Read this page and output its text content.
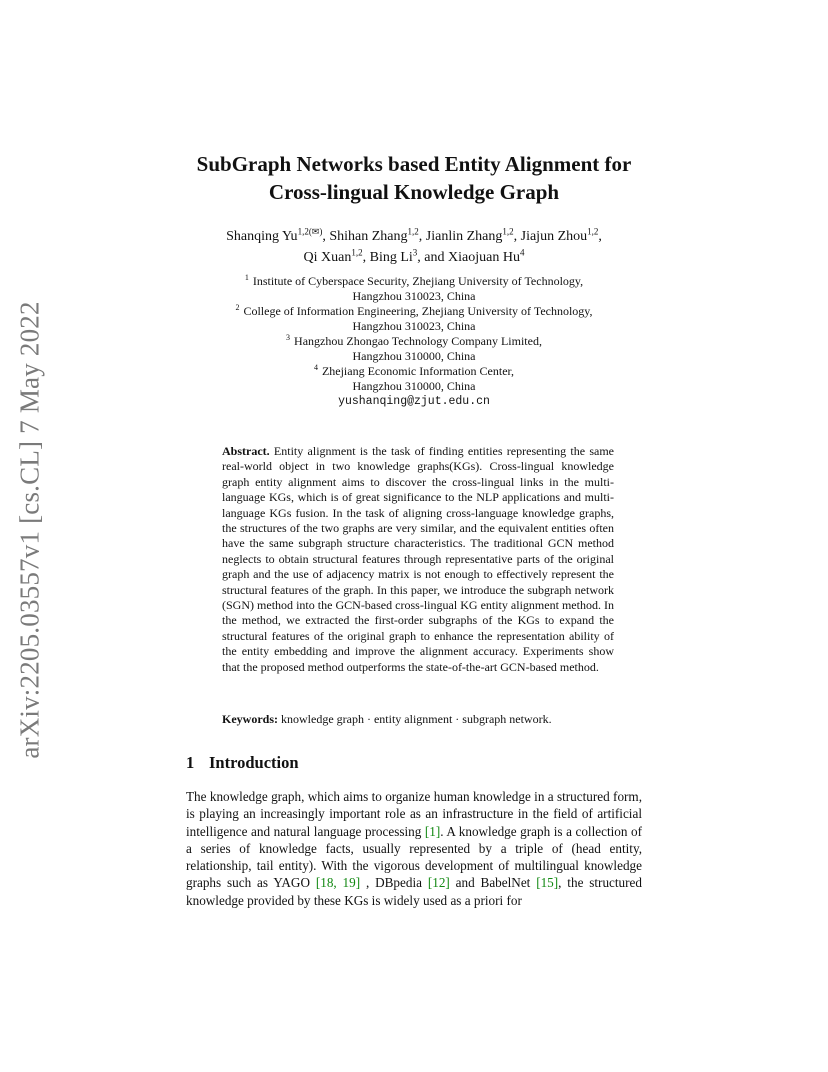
arXiv:2205.03557v1 [cs.CL] 7 May 2022
SubGraph Networks based Entity Alignment for
Cross-lingual Knowledge Graph
Shanqing $Yu^{1,2(✉)}$, Shihan Zhang$^{1,2}$, Jianlin Zhang$^{1,2}$, Jiajun Zhou$^{1,2}$,
Qi Xuan$^{1,2}$, Bing Li$^3$, and Xiaojuan Hu$^4$
$^1$ Institute of Cyberspace Security, Zhejiang University of Technology,
Hangzhou 310023, China
$^2$ College of Information Engineering, Zhejiang University of Technology,
Hangzhou 310023, China
$^3$ Hangzhou Zhongao Technology Company Limited,
Hangzhou 310000, China
$^4$ Zhejiang Economic Information Center,
Hangzhou 310000, China
yushanqing@zjut.edu.cn
Abstract. Entity alignment is the task of finding entities representing the same real-world object in two knowledge graphs(KGs). Cross-lingual knowledge graph entity alignment aims to discover the cross-lingual links in the multi-language KGs, which is of great significance to the NLP applications and multi-language KGs fusion. In the task of aligning cross-language knowledge graphs, the structures of the two graphs are very similar, and the equivalent entities often have the same subgraph structure characteristics. The traditional GCN method neglects to obtain structural features through representative parts of the original graph and the use of adjacency matrix is not enough to effectively represent the structural features of the graph. In this paper, we introduce the subgraph network (SGN) method into the GCN-based cross-lingual KG entity alignment method. In the method, we extracted the first-order subgraphs of the KGs to expand the structural features of the original graph to enhance the representation ability of the entity embedding and improve the alignment accuracy. Experiments show that the proposed method outperforms the state-of-the-art GCN-based method.
Keywords: knowledge graph · entity alignment · subgraph network.
1 Introduction
The knowledge graph, which aims to organize human knowledge in a structured form, is playing an increasingly important role as an infrastructure in the field of artificial intelligence and natural language processing [1]. A knowledge graph is a collection of a series of knowledge facts, usually represented by a triple of (head entity, relationship, tail entity). With the vigorous development of multilingual knowledge graphs such as YAGO [18, 19] , DBpedia [12] and BabelNet [15], the structured knowledge provided by these KGs is widely used as a priori for
